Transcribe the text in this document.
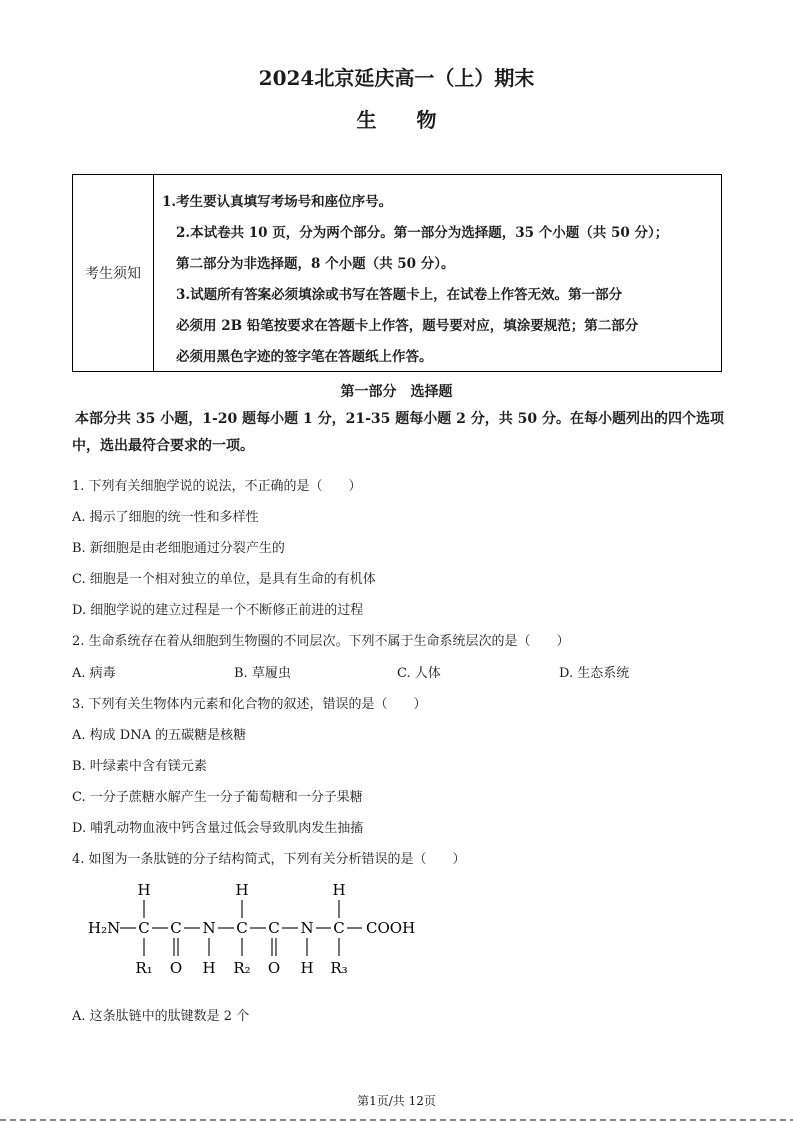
2024北京延庆高一（上）期末
生物
考生须知
1.考生要认真填写考场号和座位序号。
2.本试卷共 10 页，分为两个部分。第一部分为选择题，35 个小题（共 50 分）；
第二部分为非选择题，8 个小题（共 50 分）。
3.试题所有答案必须填涂或书写在答题卡上，在试卷上作答无效。第一部分
必须用 2B 铅笔按要求在答题卡上作答，题号要对应，填涂要规范；第二部分
必须用黑色字迹的签字笔在答题纸上作答。
第一部分　选择题
本部分共 35 小题，1-20 题每小题 1 分，21-35 题每小题 2 分，共 50 分。在每小题列出的四个选项中，选出最符合要求的一项。
1. 下列有关细胞学说的说法，不正确的是（　　）
A. 揭示了细胞的统一性和多样性
B. 新细胞是由老细胞通过分裂产生的
C. 细胞是一个相对独立的单位，是具有生命的有机体
D. 细胞学说的建立过程是一个不断修正前进的过程
2. 生命系统存在着从细胞到生物圈的不同层次。下列不属于生命系统层次的是（　　）
A. 病毒	B. 草履虫	C. 人体	D. 生态系统
3. 下列有关生物体内元素和化合物的叙述，错误的是（　　）
A. 构成 DNA 的五碳糖是核糖
B. 叶绿素中含有镁元素
C. 一分子蔗糖水解产生一分子葡萄糖和一分子果糖
D. 哺乳动物血液中钙含量过低会导致肌肉发生抽搐
4. 如图为一条肽链的分子结构简式，下列有关分析错误的是（　　）
H	H	H
H₂N C C N C C N C COOH
R₁ O H R₂ O H R₃
A. 这条肽链中的肽键数是 2 个
第1页/共 12页
